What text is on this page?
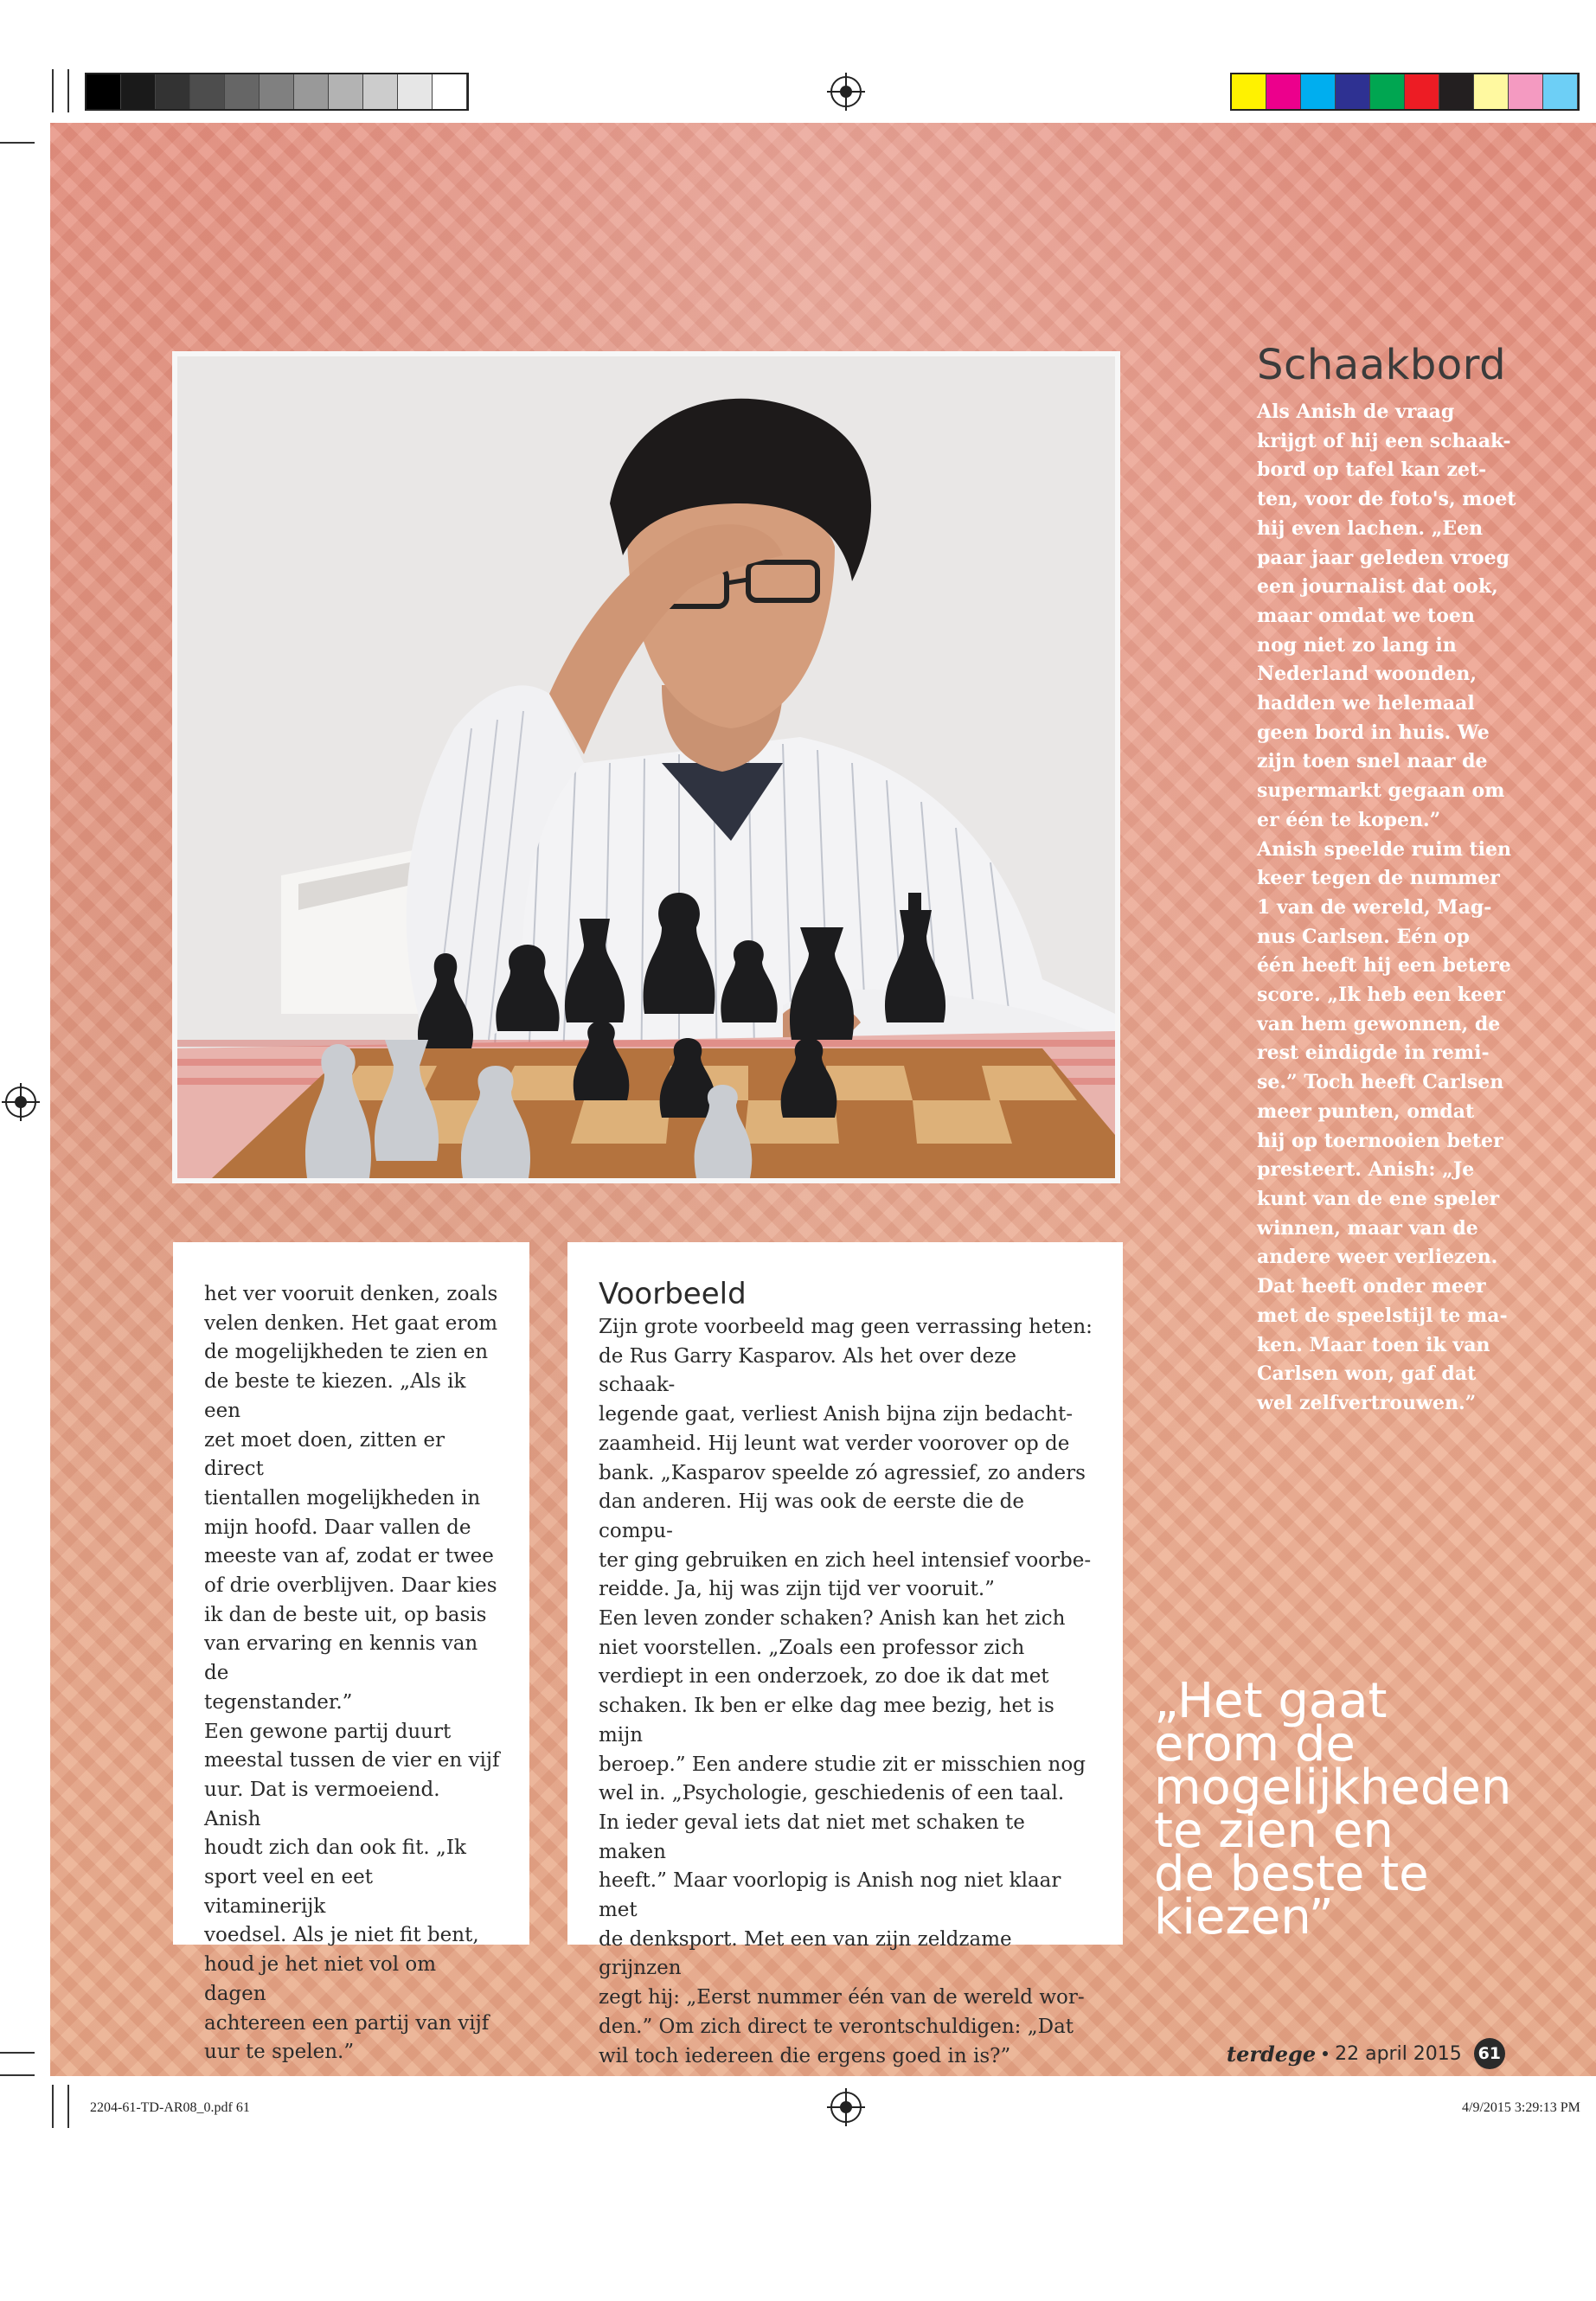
2204-61-TD-AR08_0.pdf 61	4/9/2015 3:29:13 PM
Schaakbord

Als Anish de vraag
krijgt of hij een schaak-
bord op tafel kan zet-
ten, voor de foto's, moet
hij even lachen. „Een
paar jaar geleden vroeg
een journalist dat ook,
maar omdat we toen
nog niet zo lang in
Nederland woonden,
hadden we helemaal
geen bord in huis. We
zijn toen snel naar de
supermarkt gegaan om
er één te kopen.”
Anish speelde ruim tien
keer tegen de nummer
1 van de wereld, Mag-
nus Carlsen. Eén op
één heeft hij een betere
score. „Ik heb een keer
van hem gewonnen, de
rest eindigde in remi-
se.” Toch heeft Carlsen
meer punten, omdat
hij op toernooien beter
presteert. Anish: „Je
kunt van de ene speler
winnen, maar van de
andere weer verliezen.
Dat heeft onder meer
met de speelstijl te ma-
ken. Maar toen ik van
Carlsen won, gaf dat
wel zelfvertrouwen.”

het ver vooruit denken, zoals
velen denken. Het gaat erom
de mogelijkheden te zien en
de beste te kiezen. „Als ik een
zet moet doen, zitten er direct
tientallen mogelijkheden in
mijn hoofd. Daar vallen de
meeste van af, zodat er twee
of drie overblijven. Daar kies
ik dan de beste uit, op basis
van ervaring en kennis van de
tegenstander.”
Een gewone partij duurt
meestal tussen de vier en vijf
uur. Dat is vermoeiend. Anish
houdt zich dan ook fit. „Ik
sport veel en eet vitaminerijk
voedsel. Als je niet fit bent,
houd je het niet vol om dagen
achtereen een partij van vijf
uur te spelen.”

Voorbeeld

Zijn grote voorbeeld mag geen verrassing heten:
de Rus Garry Kasparov. Als het over deze schaak-
legende gaat, verliest Anish bijna zijn bedacht-
zaamheid. Hij leunt wat verder voorover op de
bank. „Kasparov speelde zó agressief, zo anders
dan anderen. Hij was ook de eerste die de compu-
ter ging gebruiken en zich heel intensief voorbe-
reidde. Ja, hij was zijn tijd ver vooruit.”
Een leven zonder schaken? Anish kan het zich
niet voorstellen. „Zoals een professor zich
verdiept in een onderzoek, zo doe ik dat met
schaken. Ik ben er elke dag mee bezig, het is mijn
beroep.” Een andere studie zit er misschien nog
wel in. „Psychologie, geschiedenis of een taal.
In ieder geval iets dat niet met schaken te maken
heeft.” Maar voorlopig is Anish nog niet klaar met
de denksport. Met een van zijn zeldzame grijnzen
zegt hij: „Eerst nummer één van de wereld wor-
den.” Om zich direct te verontschuldigen: „Dat
wil toch iedereen die ergens goed in is?”

„Het gaat
erom de
mogelijkheden
te zien en
de beste te
kiezen”

terdege 22 april 2015 61
